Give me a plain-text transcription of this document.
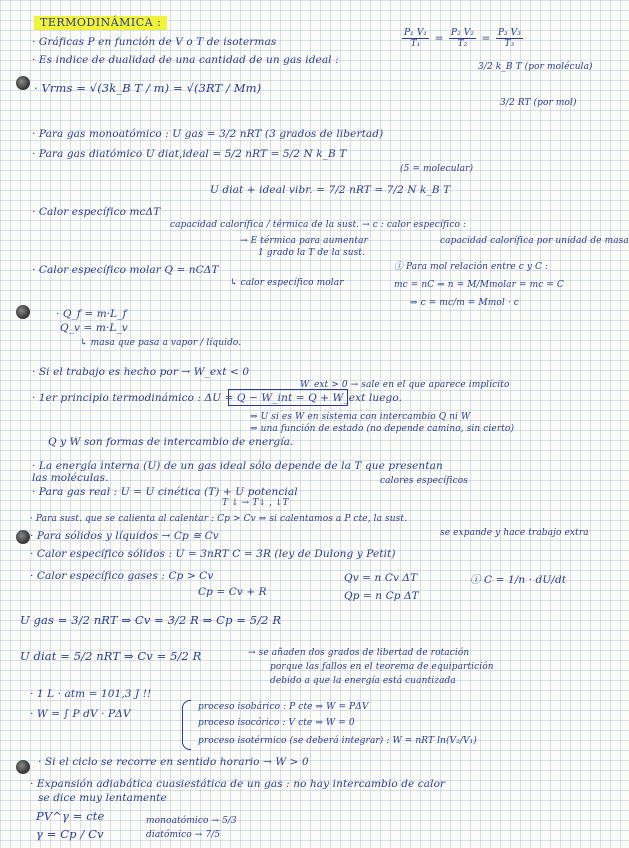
TERMODINÁMICA :
$\frac{\text{P₁ V₁}}{\text{T₁}} = \frac{\text{P₂ V₂}}{\text{T₂}} = \frac{\text{P₃ V₃}}{\text{T₃}}$
· Gráficas P en función de V o T de isotermas
· Es indice de dualidad de una cantidad de un gas ideal :
3/2 k_B T (por molécula)
· Vrms = √(3k_B T / m) = √(3RT / Mm)
3/2 RT (por mol)
· Para gas monoatómico : U gas = 3/2 nRT (3 grados de libertad)
· Para gas diatómico U diat,ideal = 5/2 nRT = 5/2 N k_B T
(5 = molecular)
U diat + ideal vibr. = 7/2 nRT = 7/2 N k_B T
· Calor específico mcΔT
capacidad calorífica / térmica de la sust. → c : calor específico :
→ E térmica para aumentar
1 grado la T de la sust.
capacidad calorífica por unidad de masa
· Calor específico molar Q = nCΔT
↳ calor específico molar
ⓘ Para mol relación entre c y C :
mc = nC ⇒ n = M/Mmolar = mc = C
⇒ c = mc/m = Mmol · c
· Q_f = m·L_f
Q_v = m·L_v
↳ masa que pasa a vapor / líquido.
· Si el trabajo es hecho por → W_ext < 0
W_ext > 0 → sale en el que aparece implícito
· 1er principio termodinámico : ΔU = Q − W_int = Q + W_ext luego.
⇒ U si es W en sistema con intercambio Q ni W
⇒ una función de estado (no depende camino, sin cierto)
Q y W son formas de intercambio de energía.
· La energía interna (U) de un gas ideal sólo depende de la T que presentan
las moléculas.	calores específicos
· Para gas real : U = U cinética (T) + U potencial
T ↓ → T↓ , ↓T
· Para sust. que se calienta al calentar : Cp > Cv ⇒ si calentamos a P cte, la sust.
se expande y hace trabajo extra
· Para sólidos y líquidos → Cp ≅ Cv
· Calor específico sólidos : U = 3nRT C = 3R (ley de Dulong y Petit)
· Calor específico gases : Cp > Cv
Cp = Cv + R
Qv = n Cv ΔT
Qp = n Cp ΔT
ⓘ C = 1/n · dU/dt
U gas = 3/2 nRT ⇒ Cv = 3/2 R ⇒ Cp = 5/2 R
U diat = 5/2 nRT ⇒ Cv = 5/2 R	→ se añaden dos grados de libertad de rotación
porque las fallos en el teorema de equipartición
debido a que la energía está cuantizada
· 1 L · atm = 101,3 J !!
· W = ∫ P dV · PΔV
proceso isobárico : P cte ⇒ W = PΔV
proceso isocórico : V cte ⇒ W = 0
proceso isotérmico (se deberá integrar) : W = nRT ln(V₂/V₁)
· Si el ciclo se recorre en sentido horario → W > 0
· Expansión adiabática cuasiestática de un gas : no hay intercambio de calor
se dice muy lentamente
PV^γ = cte
γ = Cp / Cv
monoatómico → 5/3
diatómico → 7/5
